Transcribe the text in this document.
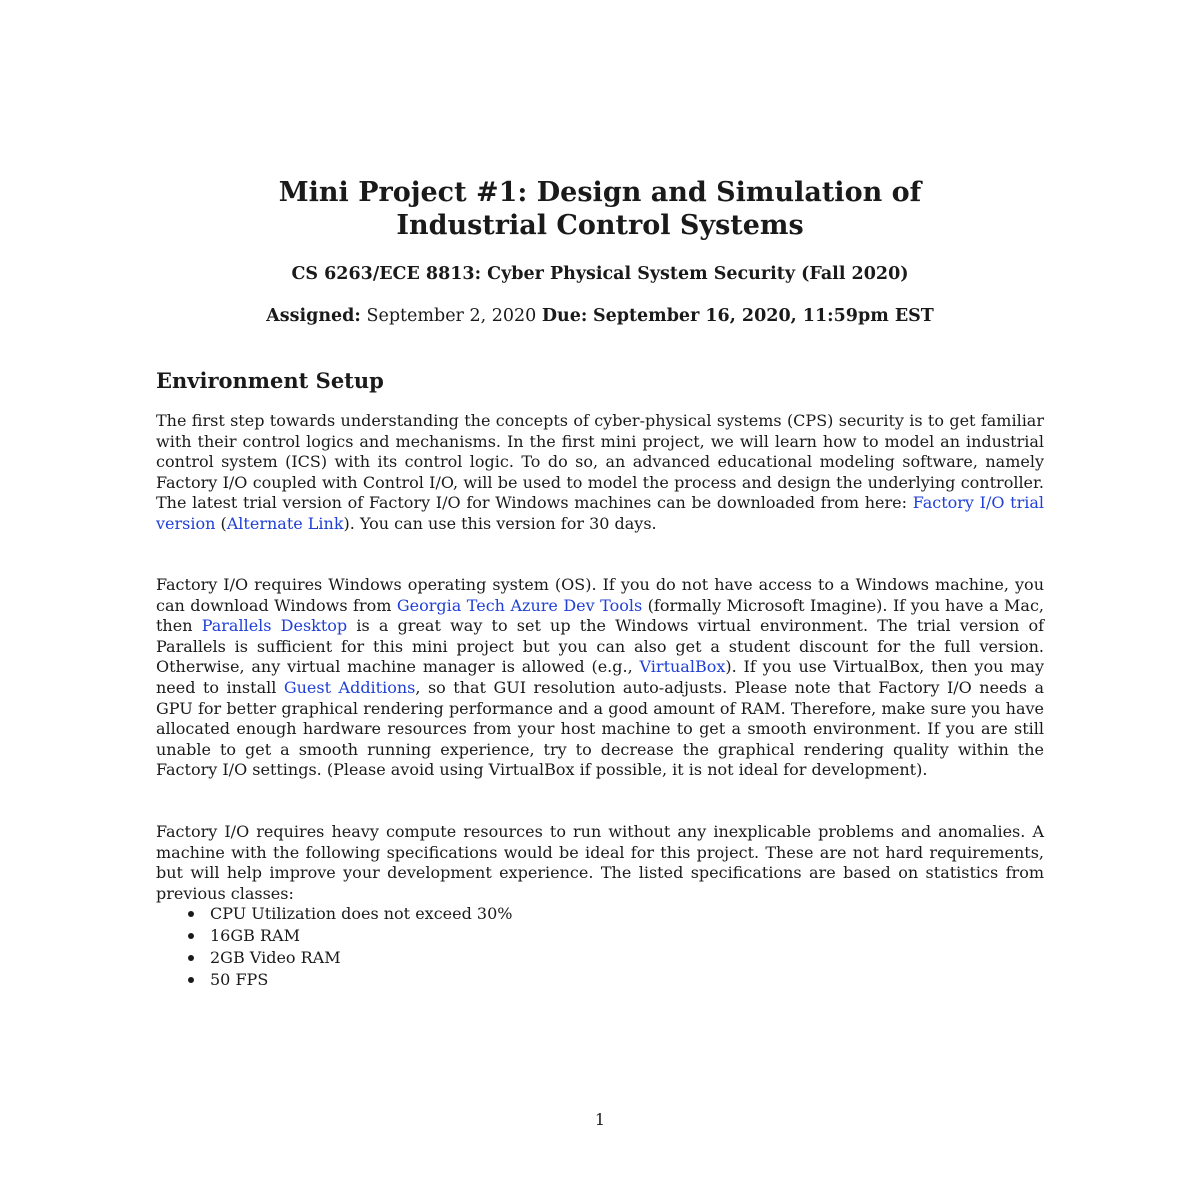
Mini Project #1: Design and Simulation of
Industrial Control Systems
CS 6263/ECE 8813: Cyber Physical System Security (Fall 2020)
Assigned: September 2, 2020 Due: September 16, 2020, 11:59pm EST
Environment Setup

The first step towards understanding the concepts of cyber-physical systems (CPS) security is to get familiar with their control logics and mechanisms. In the first mini project, we will learn how to model an industrial control system (ICS) with its control logic. To do so, an advanced educational modeling software, namely Factory I/O coupled with Control I/O, will be used to model the process and design the underlying controller. The latest trial version of Factory I/O for Windows machines can be downloaded from here: Factory I/O trial version (Alternate Link). You can use this version for 30 days.

Factory I/O requires Windows operating system (OS). If you do not have access to a Windows machine, you can download Windows from Georgia Tech Azure Dev Tools (formally Microsoft Imagine). If you have a Mac, then Parallels Desktop is a great way to set up the Windows virtual environment. The trial version of Parallels is sufficient for this mini project but you can also get a student discount for the full version. Otherwise, any virtual machine manager is allowed (e.g., VirtualBox). If you use VirtualBox, then you may need to install Guest Additions, so that GUI resolution auto-adjusts. Please note that Factory I/O needs a GPU for better graphical rendering performance and a good amount of RAM. Therefore, make sure you have allocated enough hardware resources from your host machine to get a smooth environment. If you are still unable to get a smooth running experience, try to decrease the graphical rendering quality within the Factory I/O settings. (Please avoid using VirtualBox if possible, it is not ideal for development).

Factory I/O requires heavy compute resources to run without any inexplicable problems and anomalies. A machine with the following specifications would be ideal for this project. These are not hard requirements, but will help improve your development experience. The listed specifications are based on statistics from previous classes:

CPU Utilization does not exceed 30%
16GB RAM
2GB Video RAM
50 FPS
1
